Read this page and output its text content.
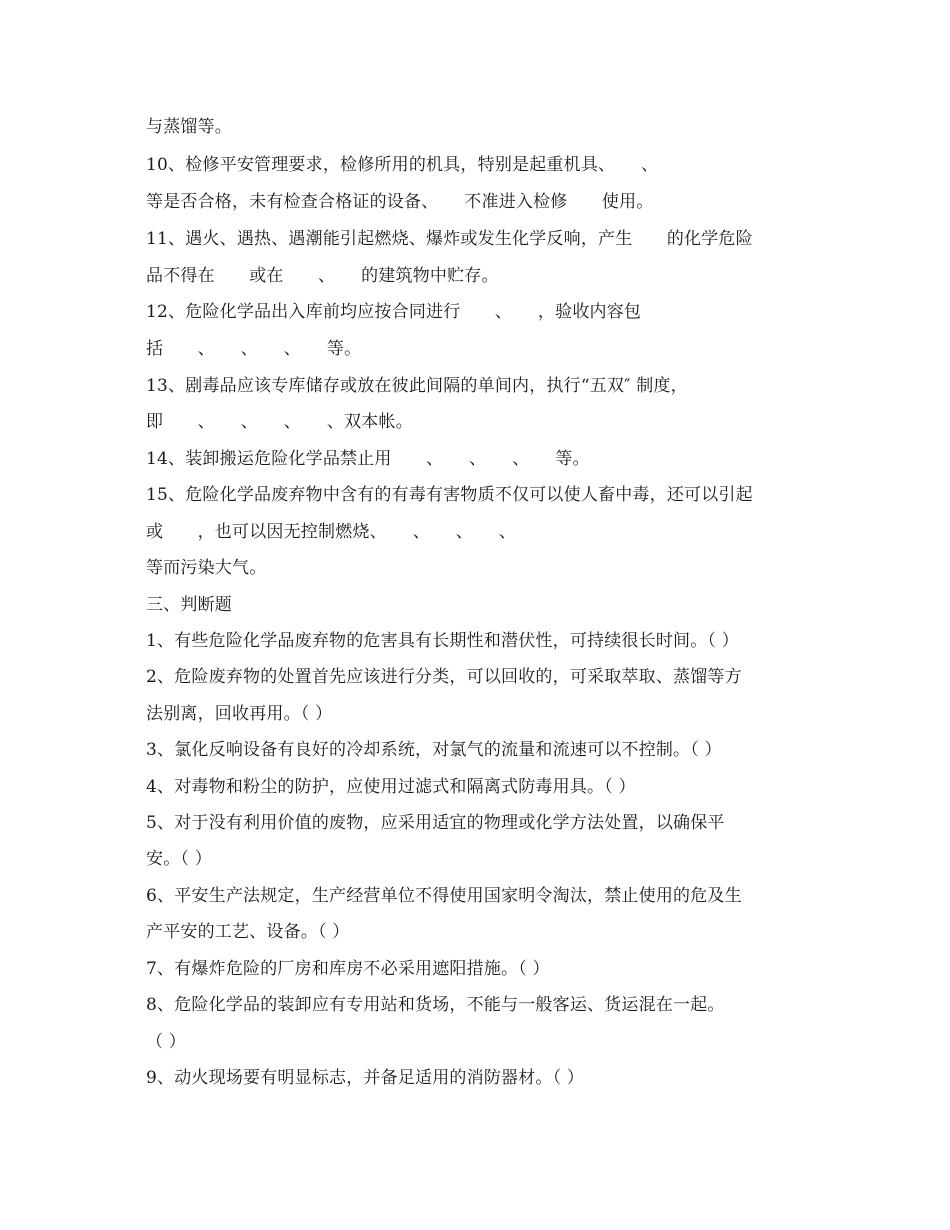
与蒸馏等。

10、检修平安管理要求，检修所用的机具，特别是起重机具、　　、

等是否合格，未有检查合格证的设备、　　不准进入检修　　使用。

11、遇火、遇热、遇潮能引起燃烧、爆炸或发生化学反响，产生　　的化学危险

品不得在　　或在　　、　　的建筑物中贮存。

12、危险化学品出入库前均应按合同进行　　、　　，验收内容包

括　　、　　、　　、　　等。

13、剧毒品应该专库储存或放在彼此间隔的单间内，执行“五双″ 制度，

即　　、　　、　　、　　、双本帐。

14、装卸搬运危险化学品禁止用　　、　　、　　、　　等。

15、危险化学品废弃物中含有的有毒有害物质不仅可以使人畜中毒，还可以引起

或　　，也可以因无控制燃烧、　　、　　、　　、

等而污染大气。

三、判断题

1、有些危险化学品废弃物的危害具有长期性和潜伏性，可持续很长时间。（ ）

2、危险废弃物的处置首先应该进行分类，可以回收的，可采取萃取、蒸馏等方

法别离，回收再用。（ ）

3、氯化反响设备有良好的冷却系统，对氯气的流量和流速可以不控制。（ ）

4、对毒物和粉尘的防护，应使用过滤式和隔离式防毒用具。（ ）

5、对于没有利用价值的废物，应采用适宜的物理或化学方法处置，以确保平

安。（ ）

6、平安生产法规定，生产经营单位不得使用国家明令淘汰，禁止使用的危及生

产平安的工艺、设备。（ ）

7、有爆炸危险的厂房和库房不必采用遮阳措施。（ ）

8、危险化学品的装卸应有专用站和货场，不能与一般客运、货运混在一起。

（ ）

9、动火现场要有明显标志，并备足适用的消防器材。（ ）
